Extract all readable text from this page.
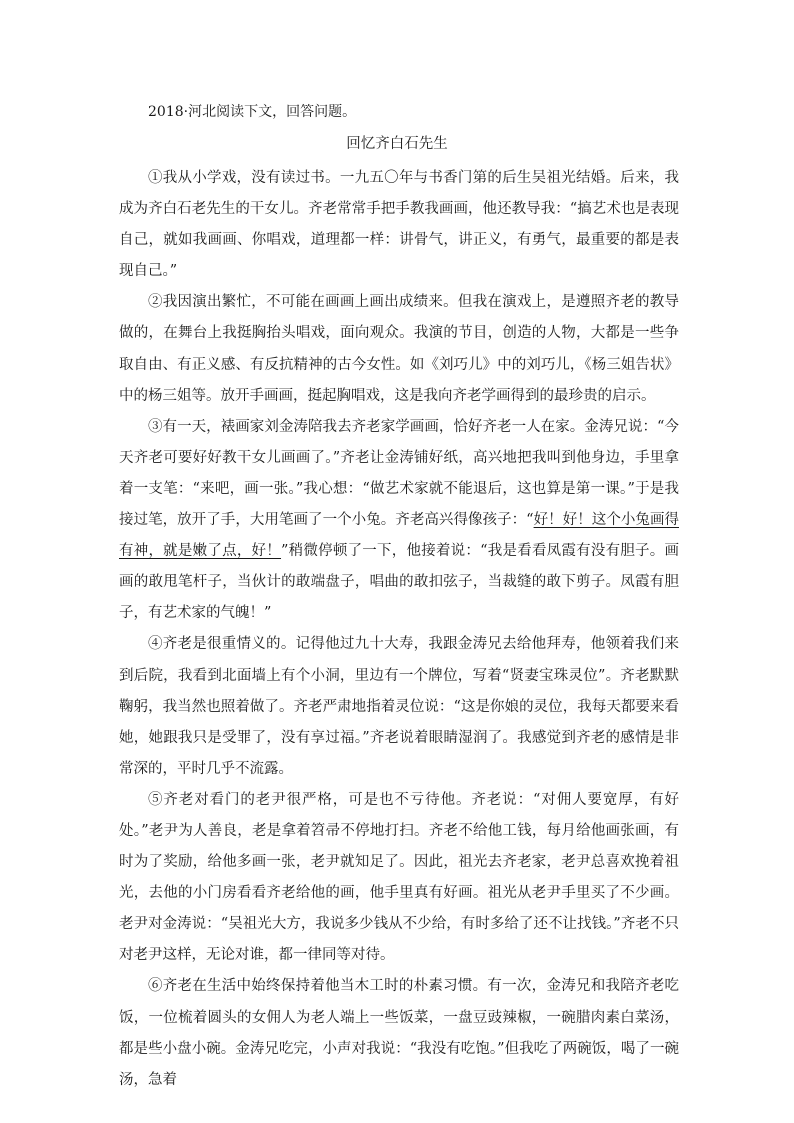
2018·河北阅读下文，回答问题。
回忆齐白石先生

①我从小学戏，没有读过书。一九五〇年与书香门第的后生吴祖光结婚。后来，我成为齐白石老先生的干女儿。齐老常常手把手教我画画，他还教导我：“搞艺术也是表现自己，就如我画画、你唱戏，道理都一样：讲骨气，讲正义，有勇气，最重要的都是表现自己。”

②我因演出繁忙，不可能在画画上画出成绩来。但我在演戏上，是遵照齐老的教导做的，在舞台上我挺胸抬头唱戏，面向观众。我演的节目，创造的人物，大都是一些争取自由、有正义感、有反抗精神的古今女性。如《刘巧儿》中的刘巧儿，《杨三姐告状》中的杨三姐等。放开手画画，挺起胸唱戏，这是我向齐老学画得到的最珍贵的启示。

③有一天，裱画家刘金涛陪我去齐老家学画画，恰好齐老一人在家。金涛兄说：“今天齐老可要好好教干女儿画画了。”齐老让金涛铺好纸，高兴地把我叫到他身边，手里拿着一支笔：“来吧，画一张。”我心想：“做艺术家就不能退后，这也算是第一课。”于是我接过笔，放开了手，大用笔画了一个小兔。齐老高兴得像孩子：“好！好！这个小兔画得有神，就是嫩了点，好！”稍微停顿了一下，他接着说：“我是看看凤霞有没有胆子。画画的敢甩笔杆子，当伙计的敢端盘子，唱曲的敢扣弦子，当裁缝的敢下剪子。凤霞有胆子，有艺术家的气魄！”

④齐老是很重情义的。记得他过九十大寿，我跟金涛兄去给他拜寿，他领着我们来到后院，我看到北面墙上有个小洞，里边有一个牌位，写着“贤妻宝珠灵位”。齐老默默鞠躬，我当然也照着做了。齐老严肃地指着灵位说：“这是你娘的灵位，我每天都要来看她，她跟我只是受罪了，没有享过福。”齐老说着眼睛湿润了。我感觉到齐老的感情是非常深的，平时几乎不流露。

⑤齐老对看门的老尹很严格，可是也不亏待他。齐老说：“对佣人要宽厚，有好处。”老尹为人善良，老是拿着笤帚不停地打扫。齐老不给他工钱，每月给他画张画，有时为了奖励，给他多画一张，老尹就知足了。因此，祖光去齐老家，老尹总喜欢挽着祖光，去他的小门房看看齐老给他的画，他手里真有好画。祖光从老尹手里买了不少画。老尹对金涛说：“吴祖光大方，我说多少钱从不少给，有时多给了还不让找钱。”齐老不只对老尹这样，无论对谁，都一律同等对待。

⑥齐老在生活中始终保持着他当木工时的朴素习惯。有一次，金涛兄和我陪齐老吃饭，一位梳着圆头的女佣人为老人端上一些饭菜，一盘豆豉辣椒，一碗腊肉素白菜汤，都是些小盘小碗。金涛兄吃完，小声对我说：“我没有吃饱。”但我吃了两碗饭，喝了一碗汤，急着
